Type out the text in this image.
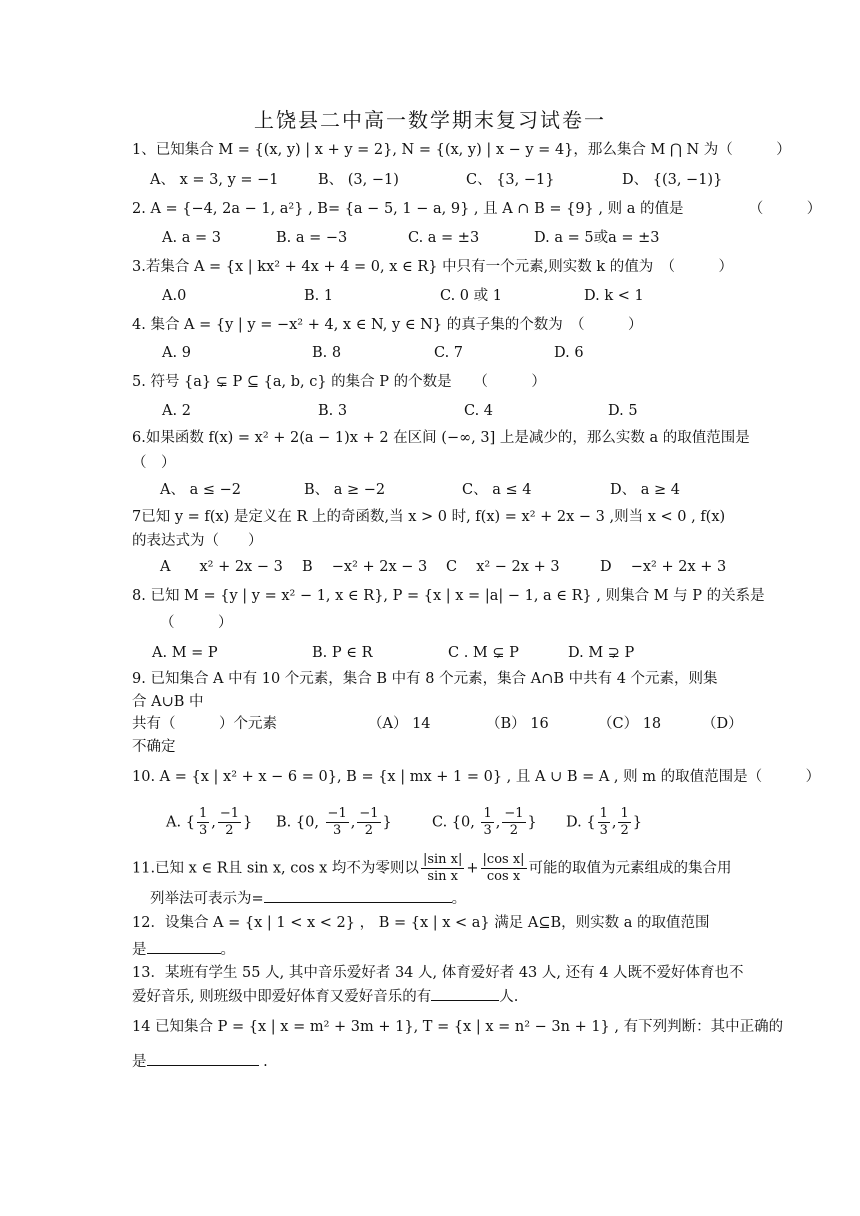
上饶县二中高一数学期末复习试卷一
1、已知集合 M = {(x, y) | x + y = 2}, N = {(x, y) | x − y = 4}，那么集合 M ⋂ N 为（　　　）
A、 x = 3, y = −1	B、 (3, −1)	C、 {3, −1}	D、 {(3, −1)}
2. A = {−4, 2a − 1, a²} , B= {a − 5, 1 − a, 9} , 且 A ∩ B = {9} , 则 a 的值是　　　　　（　　　）
A. a = 3	B. a = −3	C. a = ±3	D. a = 5或a = ±3
3.若集合 A = {x | kx² + 4x + 4 = 0, x ∈ R} 中只有一个元素,则实数 k 的值为　（　　　）
A.0	B. 1	C. 0 或 1	D. k < 1
4. 集合 A = {y | y = −x² + 4, x ∈ N, y ∈ N} 的真子集的个数为　（　　　）
A. 9	B. 8	C. 7	D. 6
5. 符号 {a} ⊊ P ⊆ {a, b, c} 的集合 P 的个数是　　（　　　）
A. 2	B. 3	C. 4	D. 5
6.如果函数 f(x) = x² + 2(a − 1)x + 2 在区间 (−∞, 3] 上是减少的，那么实数 a 的取值范围是
（　）
A、 a ≤ −2	B、 a ≥ −2	C、 a ≤ 4	D、 a ≥ 4
7已知 y = f(x) 是定义在 R 上的奇函数,当 x > 0 时, f(x) = x² + 2x − 3 ,则当 x < 0 , f(x)
的表达式为（　　）
A　　x² + 2x − 3 B　 −x² + 2x − 3 C　 x² − 2x + 3	D　 −x² + 2x + 3
8. 已知 M = {y | y = x² − 1, x ∈ R}, P = {x | x = |a| − 1, a ∈ R} , 则集合 M 与 P 的关系是
（　　　）
A. M = P	B. P ∈ R	C . M ⊊ P	D. M ⊋ P
9. 已知集合 A 中有 10 个元素，集合 B 中有 8 个元素，集合 A∩B 中共有 4 个元素，则集
合 A∪B 中
共有（　　　）个元素	（A） 14	（B） 16	（C） 18	（D）
不确定
10. A = {x | x² + x − 6 = 0}, B = {x | mx + 1 = 0} , 且 A ∪ B = A , 则 m 的取值范围是（　　　）
A. { $\frac{1}{3}$ , $\frac{-1}{2}$ } B. {0, $\frac{-1}{3}$ , $\frac{-1}{2}$ }	C. {0, $\frac{1}{3}$ , $\frac{-1}{2}$ } D. { $\frac{1}{3}$ , $\frac{1}{2}$ }
11.已知 x ∈ R且 sin x, cos x 均不为零则以 $\frac{\text{|sin x|}}{\text{sin x}} + \frac{\text{|cos x|}}{\text{cos x}}$ 可能的取值为元素组成的集合用
列举法可表示为=	。
12．设集合 A = {x | 1 < x < 2} ， B = {x | x < a} 满足 A⊆B，则实数 a 的取值范围
是	。
13．某班有学生 55 人, 其中音乐爱好者 34 人, 体育爱好者 43 人, 还有 4 人既不爱好体育也不
爱好音乐, 则班级中即爱好体育又爱好音乐的有	人.
14 已知集合 P = {x | x = m² + 3m + 1}, T = {x | x = n² − 3n + 1} , 有下列判断：其中正确的
是	.
